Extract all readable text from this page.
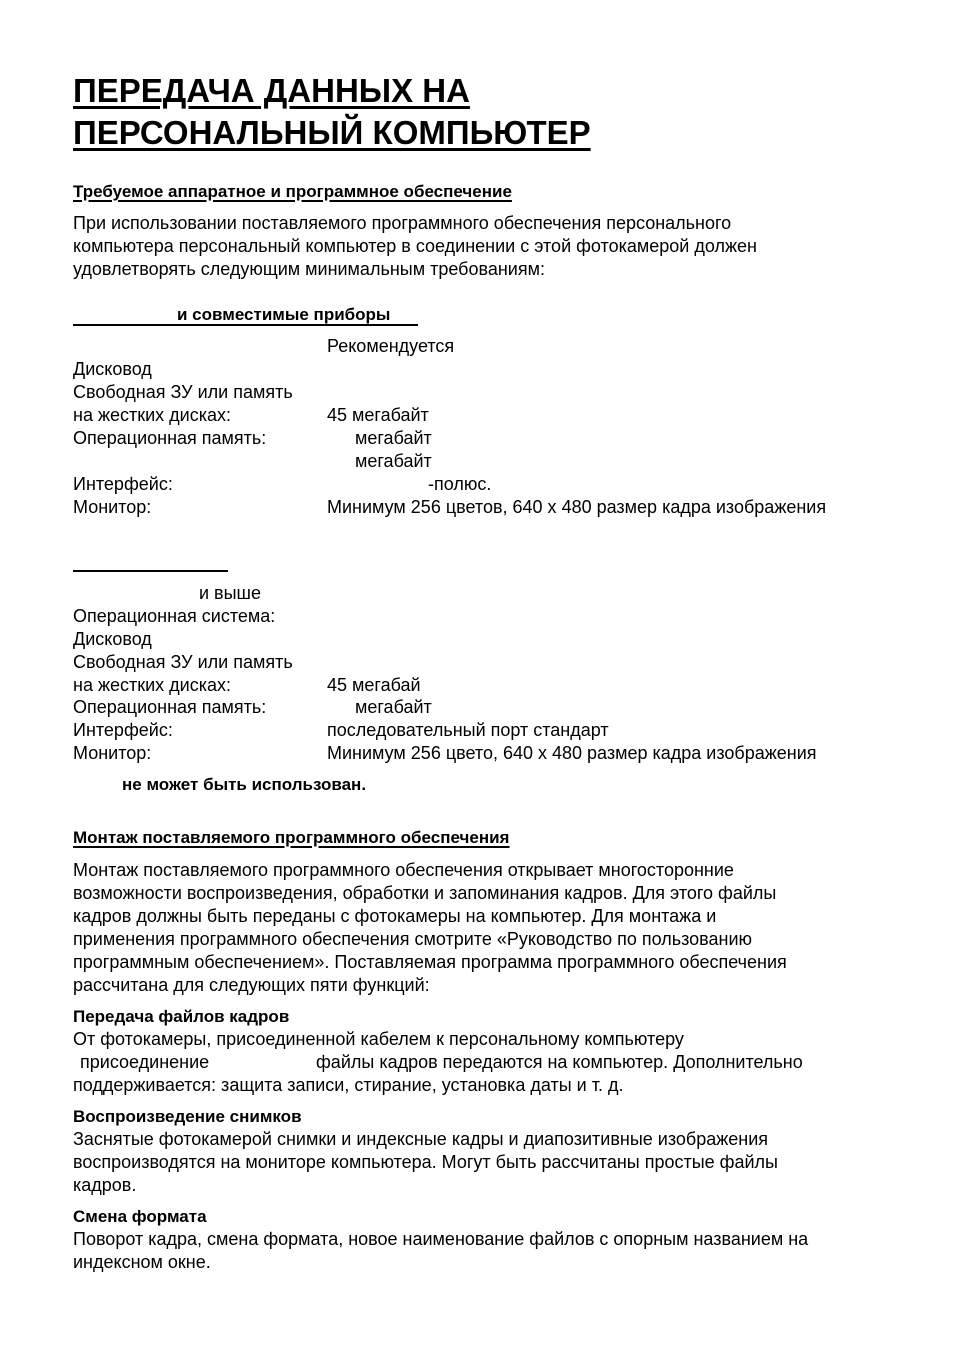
ПЕРЕДАЧА ДАННЫХ НА
ПЕРСОНАЛЬНЫЙ КОМПЬЮТЕР
Требуемое аппаратное и программное обеспечение
При использовании поставляемого программного обеспечения персонального
компьютера персональный компьютер в соединении с этой фотокамерой должен
удовлетворять следующим минимальным требованиям:
и совместимые приборы
Рекомендуется
Дисковод
Свободная ЗУ или память
на жестких дисках:	45 мегабайт
Операционная память:	мегабайт
мегабайт
Интерфейс:	-полюс.
Монитор:	Минимум 256 цветов, 640 x 480 размер кадра изображения
и выше
Операционная система:
Дисковод
Свободная ЗУ или память
на жестких дисках:	45 мегабай
Операционная память:	мегабайт
Интерфейс:	последовательный порт стандарт
Монитор:	Минимум 256 цвето, 640 x 480 размер кадра изображения
не может быть использован.
Монтаж поставляемого программного обеспечения
Монтаж поставляемого программного обеспечения открывает многосторонние
возможности воспроизведения, обработки и запоминания кадров. Для этого файлы
кадров должны быть переданы с фотокамеры на компьютер. Для монтажа и
применения программного обеспечения смотрите «Руководство по пользованию
программным обеспечением». Поставляемая программа программного обеспечения
рассчитана для следующих пяти функций:
Передача файлов кадров
От фотокамеры, присоединенной кабелем к персональному компьютеру
присоединение	файлы кадров передаются на компьютер. Дополнительно
поддерживается: защита записи, стирание, установка даты и т. д.
Воспроизведение снимков
Заснятые фотокамерой снимки и индексные кадры и диапозитивные изображения
воспроизводятся на мониторе компьютера. Могут быть рассчитаны простые файлы
кадров.
Смена формата
Поворот кадра, смена формата, новое наименование файлов с опорным названием на
индексном окне.
